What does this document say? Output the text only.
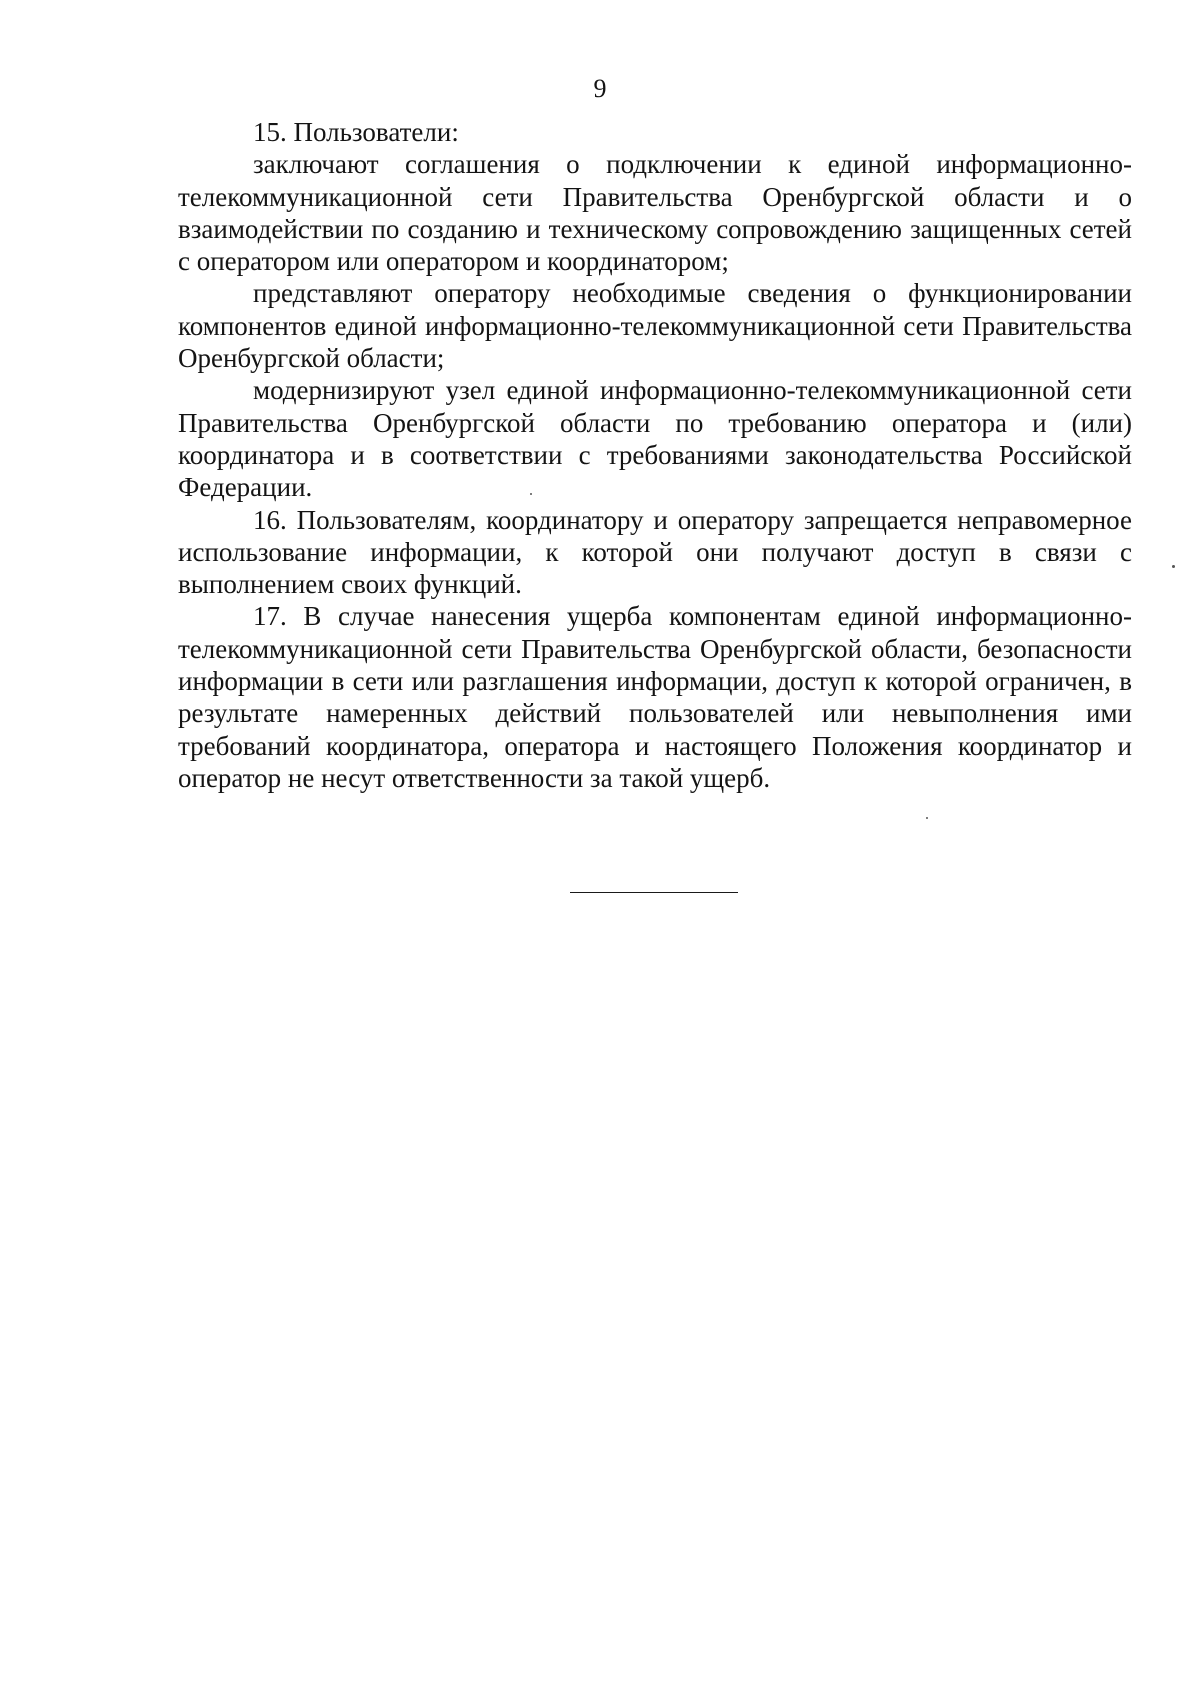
9

15. Пользователи:

заключают соглашения о подключении к единой информационно-телекоммуникационной сети Правительства Оренбургской области и о взаимодействии по созданию и техническому сопровождению защищенных сетей с оператором или оператором и координатором;

представляют оператору необходимые сведения о функционировании компонентов единой информационно-телекоммуникационной сети Правительства Оренбургской области;

модернизируют узел единой информационно-телекоммуникационной сети Правительства Оренбургской области по требованию оператора и (или) координатора и в соответствии с требованиями законодательства Российской Федерации.

16. Пользователям, координатору и оператору запрещается неправомерное использование информации, к которой они получают доступ в связи с выполнением своих функций.

17. В случае нанесения ущерба компонентам единой информационно-телекоммуникационной сети Правительства Оренбургской области, безопасности информации в сети или разглашения информации, доступ к которой ограничен, в результате намеренных действий пользователей или невыполнения ими требований координатора, оператора и настоящего Положения координатор и оператор не несут ответственности за такой ущерб.
